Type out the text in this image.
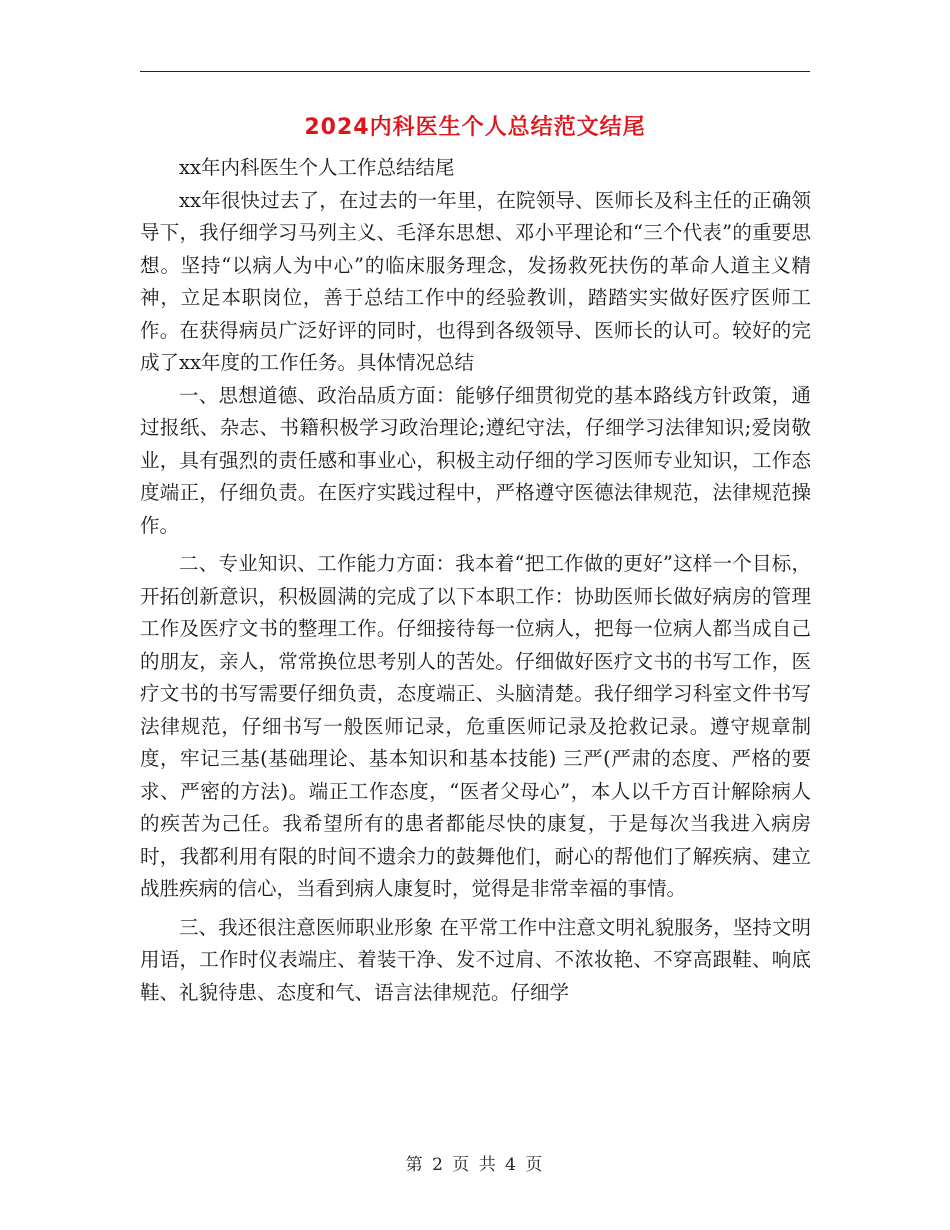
2024内科医生个人总结范文结尾

xx年内科医生个人工作总结结尾

xx年很快过去了，在过去的一年里，在院领导、医师长及科主任的正确领导下，我仔细学习马列主义、毛泽东思想、邓小平理论和“三个代表”的重要思想。坚持“以病人为中心”的临床服务理念，发扬救死扶伤的革命人道主义精神，立足本职岗位，善于总结工作中的经验教训，踏踏实实做好医疗医师工作。在获得病员广泛好评的同时，也得到各级领导、医师长的认可。较好的完成了xx年度的工作任务。具体情况总结

一、思想道德、政治品质方面：能够仔细贯彻党的基本路线方针政策，通过报纸、杂志、书籍积极学习政治理论;遵纪守法，仔细学习法律知识;爱岗敬业，具有强烈的责任感和事业心，积极主动仔细的学习医师专业知识，工作态度端正，仔细负责。在医疗实践过程中，严格遵守医德法律规范，法律规范操作。

二、专业知识、工作能力方面：我本着“把工作做的更好”这样一个目标，开拓创新意识，积极圆满的完成了以下本职工作：协助医师长做好病房的管理工作及医疗文书的整理工作。仔细接待每一位病人，把每一位病人都当成自己的朋友，亲人，常常换位思考别人的苦处。仔细做好医疗文书的书写工作，医疗文书的书写需要仔细负责，态度端正、头脑清楚。我仔细学习科室文件书写法律规范，仔细书写一般医师记录，危重医师记录及抢救记录。遵守规章制度，牢记三基(基础理论、基本知识和基本技能) 三严(严肃的态度、严格的要求、严密的方法)。端正工作态度，“医者父母心”，本人以千方百计解除病人的疾苦为己任。我希望所有的患者都能尽快的康复，于是每次当我进入病房时，我都利用有限的时间不遗余力的鼓舞他们，耐心的帮他们了解疾病、建立战胜疾病的信心，当看到病人康复时，觉得是非常幸福的事情。

三、我还很注意医师职业形象 在平常工作中注意文明礼貌服务，坚持文明用语，工作时仪表端庄、着装干净、发不过肩、不浓妆艳、不穿高跟鞋、响底鞋、礼貌待患、态度和气、语言法律规范。仔细学

第 2 页 共 4 页
